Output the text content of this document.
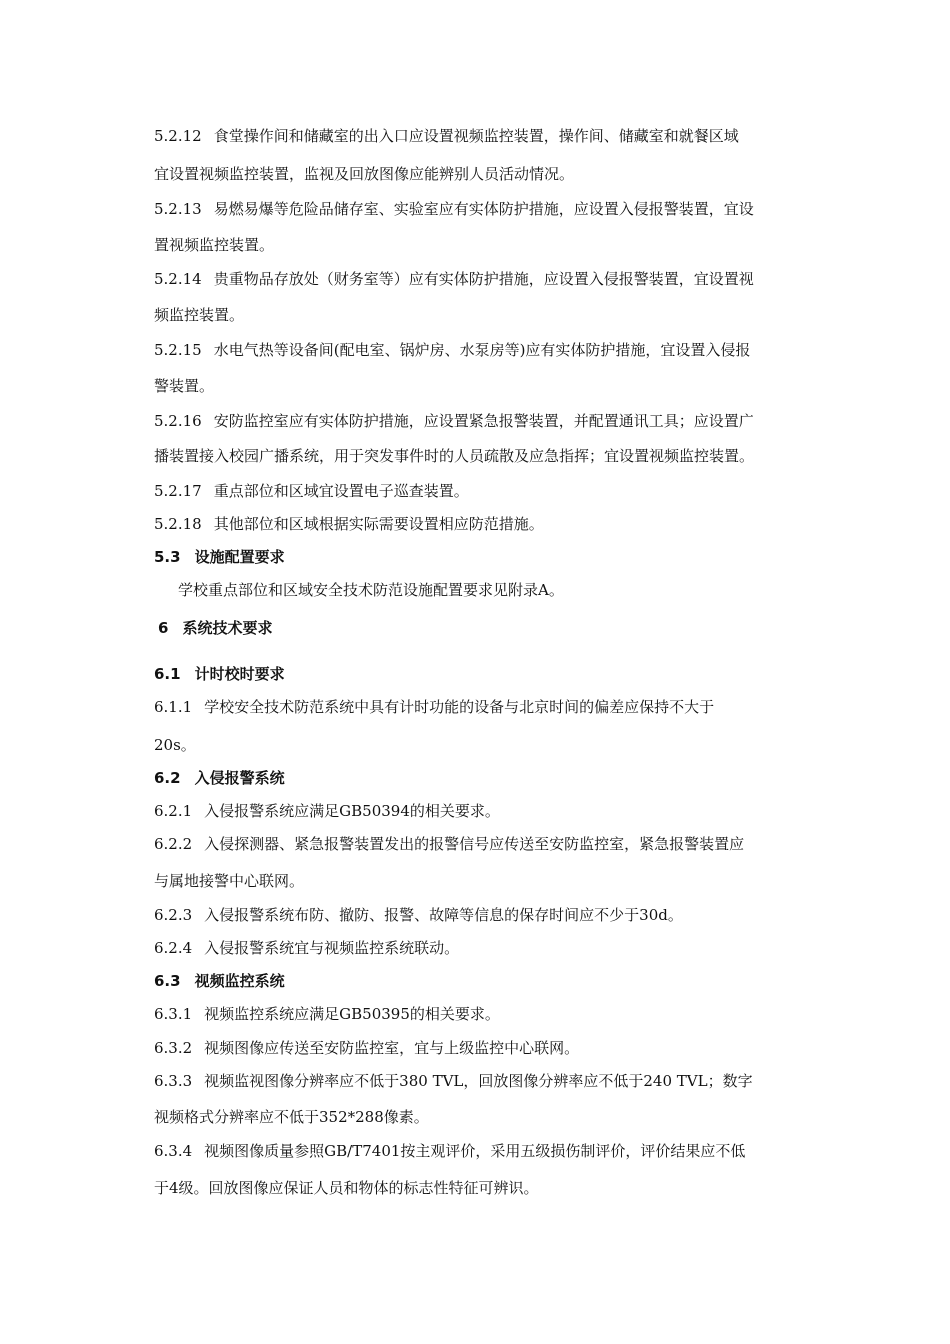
5.2.12 食堂操作间和储藏室的出入口应设置视频监控装置，操作间、储藏室和就餐区域
宜设置视频监控装置，监视及回放图像应能辨别人员活动情况。
5.2.13 易燃易爆等危险品储存室、实验室应有实体防护措施，应设置入侵报警装置，宜设
置视频监控装置。
5.2.14 贵重物品存放处（财务室等）应有实体防护措施，应设置入侵报警装置，宜设置视
频监控装置。
5.2.15 水电气热等设备间(配电室、锅炉房、水泵房等)应有实体防护措施，宜设置入侵报
警装置。
5.2.16 安防监控室应有实体防护措施，应设置紧急报警装置，并配置通讯工具；应设置广
播装置接入校园广播系统，用于突发事件时的人员疏散及应急指挥；宜设置视频监控装置。
5.2.17 重点部位和区域宜设置电子巡查装置。
5.2.18 其他部位和区域根据实际需要设置相应防范措施。
5.3 设施配置要求
学校重点部位和区域安全技术防范设施配置要求见附录A。
6 系统技术要求
6.1 计时校时要求
6.1.1 学校安全技术防范系统中具有计时功能的设备与北京时间的偏差应保持不大于
20s。
6.2 入侵报警系统
6.2.1 入侵报警系统应满足GB50394的相关要求。
6.2.2 入侵探测器、紧急报警装置发出的报警信号应传送至安防监控室，紧急报警装置应
与属地接警中心联网。
6.2.3 入侵报警系统布防、撤防、报警、故障等信息的保存时间应不少于30d。
6.2.4 入侵报警系统宜与视频监控系统联动。
6.3 视频监控系统
6.3.1 视频监控系统应满足GB50395的相关要求。
6.3.2 视频图像应传送至安防监控室，宜与上级监控中心联网。
6.3.3 视频监视图像分辨率应不低于380 TVL，回放图像分辨率应不低于240 TVL；数字
视频格式分辨率应不低于352*288像素。
6.3.4 视频图像质量参照GB/T7401按主观评价，采用五级损伤制评价，评价结果应不低
于4级。回放图像应保证人员和物体的标志性特征可辨识。
